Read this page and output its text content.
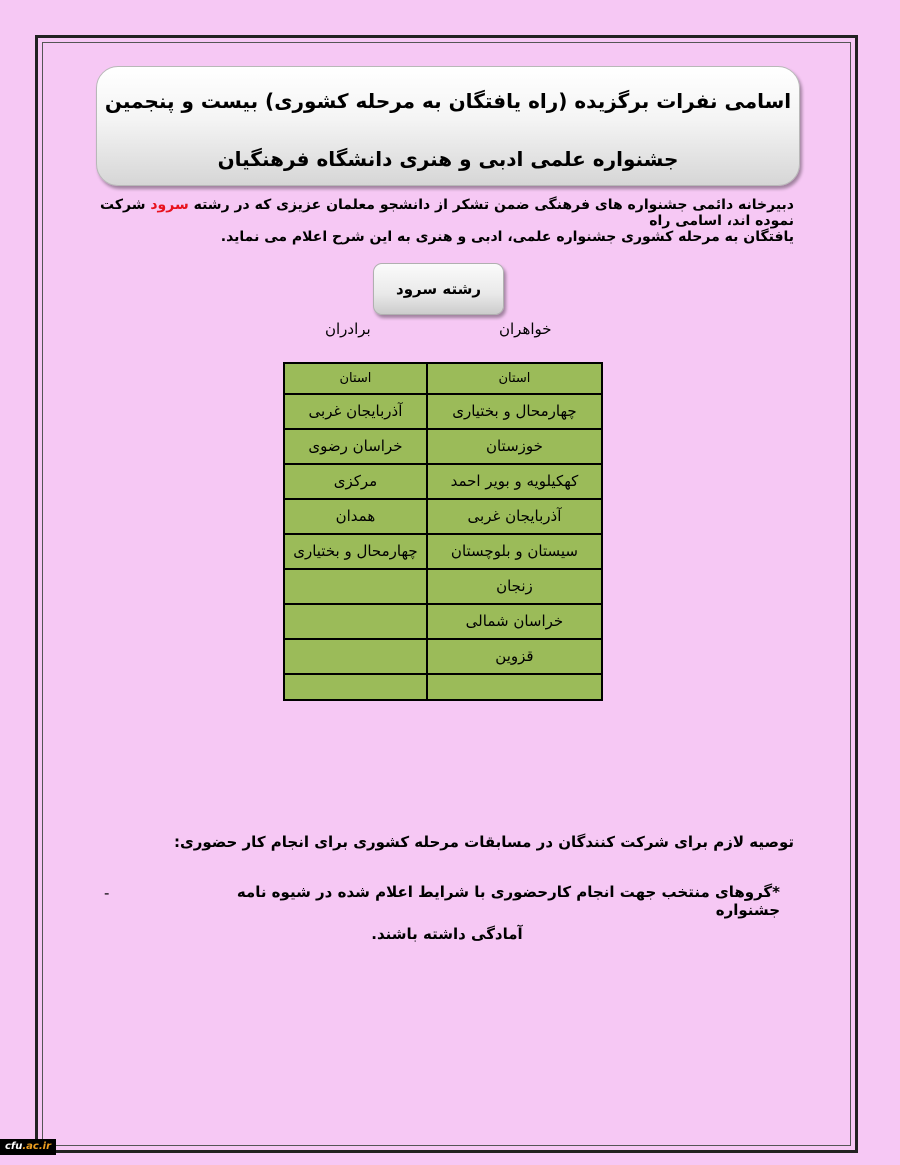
اسامی نفرات برگزیده (راه یافتگان به مرحله کشوری) بیست و پنجمین
جشنواره علمی ادبی و هنری دانشگاه فرهنگیان
دبیرخانه دائمی جشنواره های فرهنگی ضمن تشکر از دانشجو معلمان عزیزی که در رشته سرود شرکت نموده اند، اسامی راه
یافتگان به مرحله کشوری جشنواره علمی، ادبی و هنری به این شرح اعلام می نماید.
رشته سرود
خواهران
برادران
استان	استان
چهارمحال و بختیاری	آذربایجان غربی
خوزستان	خراسان رضوی
کهکیلویه و بویر احمد	مرکزی
آذربایجان غربی	همدان
سیستان و بلوچستان	چهارمحال و بختیاری
زنجان	
خراسان شمالی	
قزوین	

توصیه لازم برای شرکت کنندگان در مسابقات مرحله کشوری برای انجام کار حضوری:
*گروهای منتخب جهت انجام کارحضوری با شرایط اعلام شده در شیوه نامه جشنواره
آمادگی داشته باشند.
-
cfu.ac.ir
